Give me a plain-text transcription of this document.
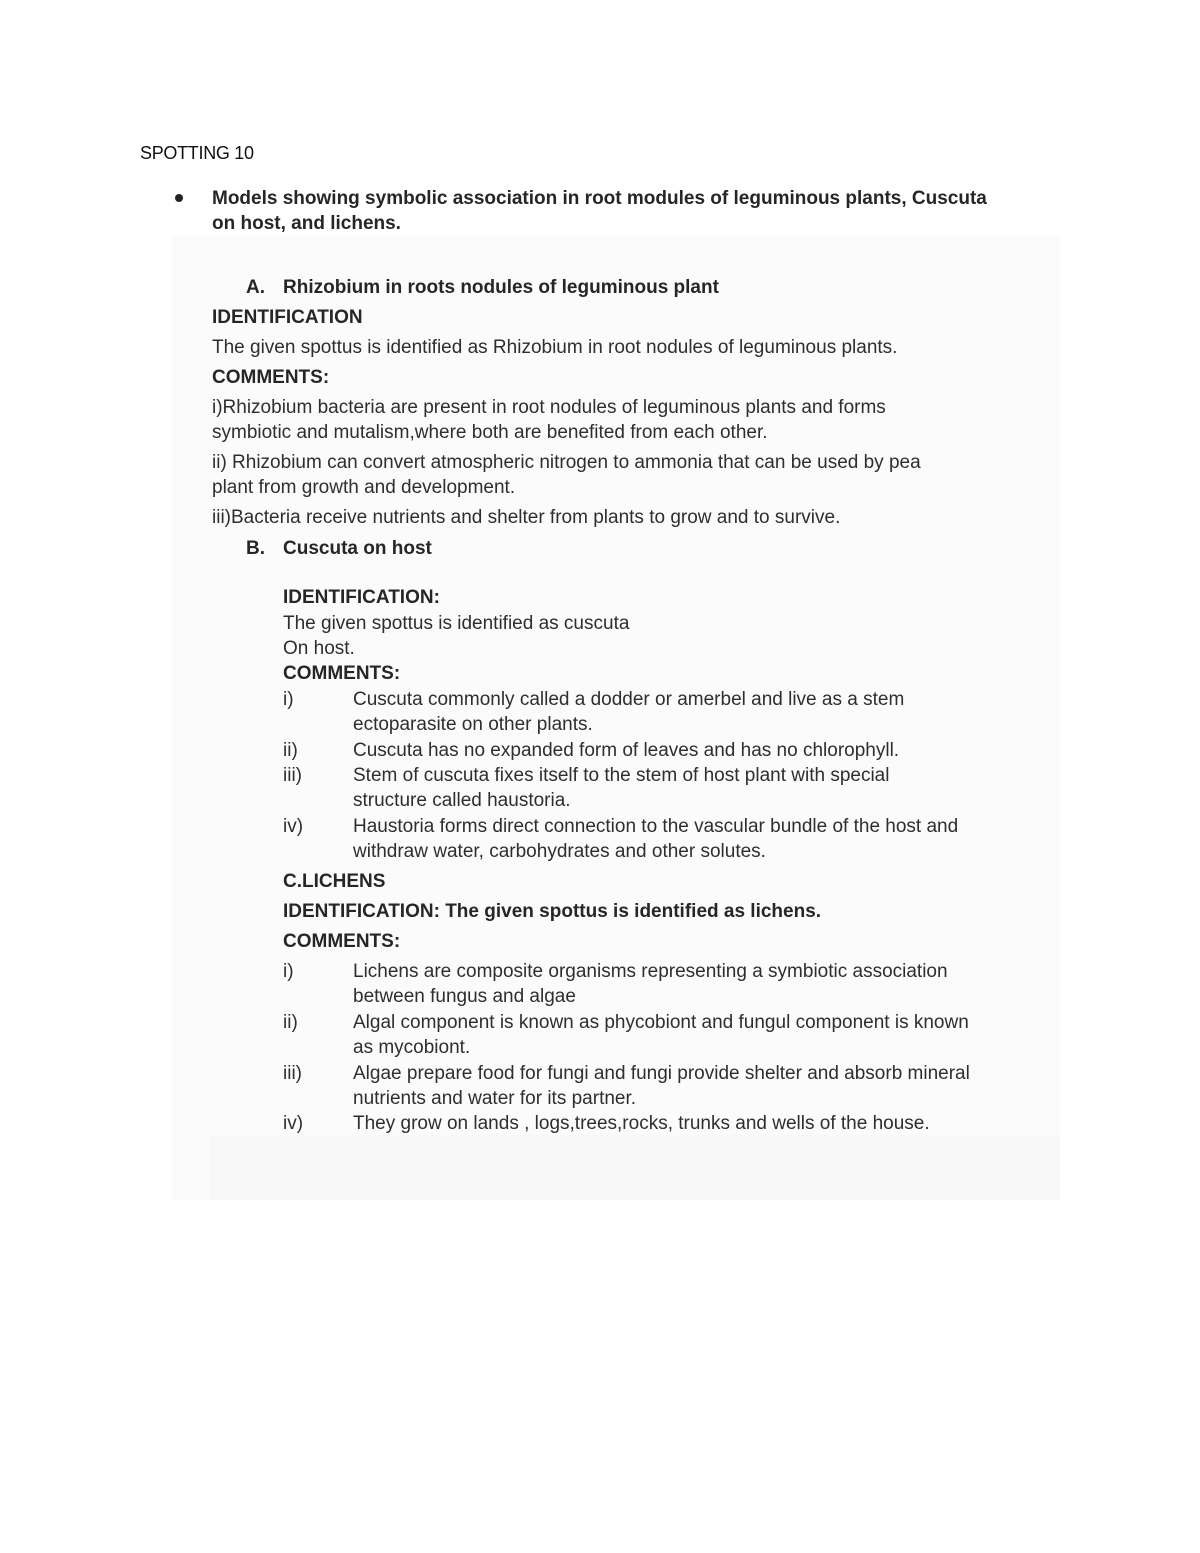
SPOTTING 10
Models showing symbolic association in root modules of leguminous plants, Cuscuta
on host, and lichens.
A. Rhizobium in roots nodules of leguminous plant
IDENTIFICATION
The given spottus is identified as Rhizobium in root nodules of leguminous plants.
COMMENTS:
i)Rhizobium bacteria are present in root nodules of leguminous plants and forms
symbiotic and mutalism,where both are benefited from each other.
ii) Rhizobium can convert atmospheric nitrogen to ammonia that can be used by pea
plant from growth and development.
iii)Bacteria receive nutrients and shelter from plants to grow and to survive.
B. Cuscuta on host
IDENTIFICATION:
The given spottus is identified as cuscuta
On host.
COMMENTS:
i)	Cuscuta commonly called a dodder or amerbel and live as a stem
ectoparasite on other plants.
ii)	Cuscuta has no expanded form of leaves and has no chlorophyll.
iii)	Stem of cuscuta fixes itself to the stem of host plant with special
structure called haustoria.
iv)	Haustoria forms direct connection to the vascular bundle of the host and
withdraw water, carbohydrates and other solutes.
C.LICHENS
IDENTIFICATION: The given spottus is identified as lichens.
COMMENTS:
i)	Lichens are composite organisms representing a symbiotic association
between fungus and algae
ii)	Algal component is known as phycobiont and fungul component is known
as mycobiont.
iii)	Algae prepare food for fungi and fungi provide shelter and absorb mineral
nutrients and water for its partner.
iv)	They grow on lands , logs,trees,rocks, trunks and wells of the house.
